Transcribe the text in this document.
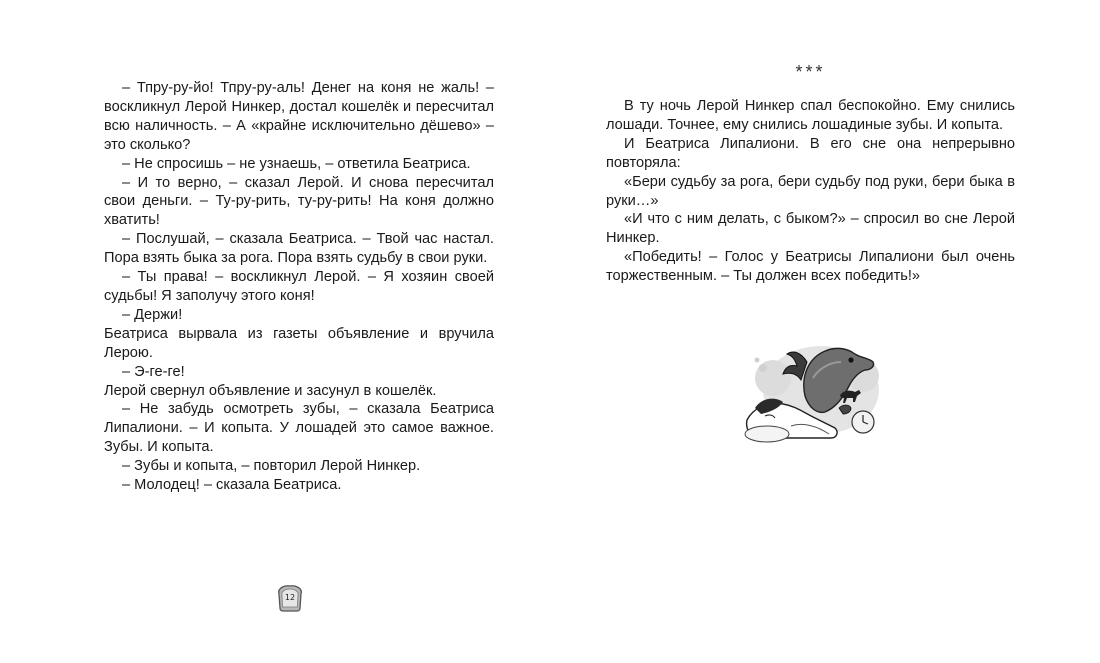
– Тпру-ру-йо! Тпру-ру-аль! Денег на коня не жаль! – воскликнул Лерой Нинкер, достал кошелёк и пересчитал всю наличность. – А «крайне исключительно дёшево» – это сколько?

– Не спросишь – не узнаешь, – ответила Беатриса.

– И то верно, – сказал Лерой. И снова пересчитал свои деньги. – Ту-ру-рить, ту-ру-рить! На коня должно хватить!

– Послушай, – сказала Беатриса. – Твой час настал. Пора взять быка за рога. Пора взять судьбу в свои руки.

– Ты права! – воскликнул Лерой. – Я хозяин своей судьбы! Я заполучу этого коня!

– Держи!

Беатриса вырвала из газеты объявление и вручила Лерою.

– Э-ге-ге!

Лерой свернул объявление и засунул в кошелёк.

– Не забудь осмотреть зубы, – сказала Беатриса Липалиони. – И копыта. У лошадей это самое важное. Зубы. И копыта.

– Зубы и копыта, – повторил Лерой Нинкер.

– Молодец! – сказала Беатриса.

12
***

В ту ночь Лерой Нинкер спал беспокойно. Ему снились лошади. Точнее, ему снились лошадиные зубы. И копыта.

И Беатриса Липалиони. В его сне она непрерывно повторяла:

«Бери судьбу за рога, бери судьбу под руки, бери быка в руки…»

«И что с ним делать, с быком?» – спросил во сне Лерой Нинкер.

«Победить! – Голос у Беатрисы Липалиони был очень торжественным. – Ты должен всех победить!»
